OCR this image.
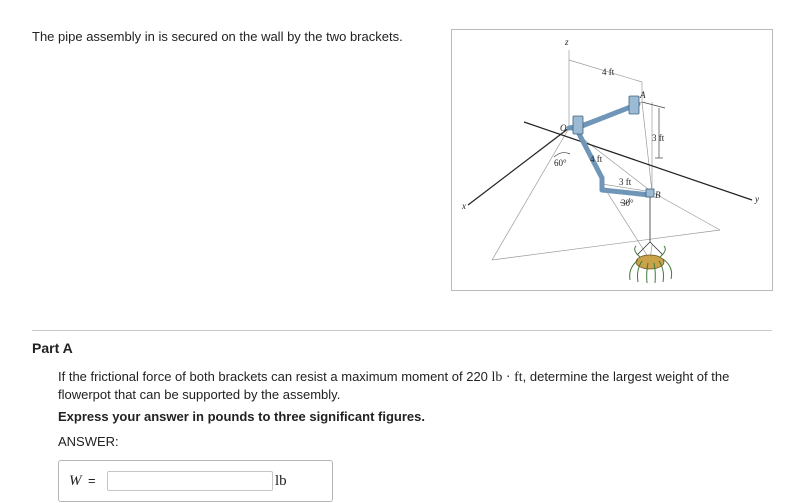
The pipe assembly in is secured on the wall by the two brackets.	z
x
y
O
A
B
4 ft
3 ft
4 ft
3 ft
60°
30°
Part A
If the frictional force of both brackets can resist a maximum moment of 220 lb · ft, determine the largest weight of the flowerpot that can be supported by the assembly.
Express your answer in pounds to three significant figures.
ANSWER:
W =	lb
